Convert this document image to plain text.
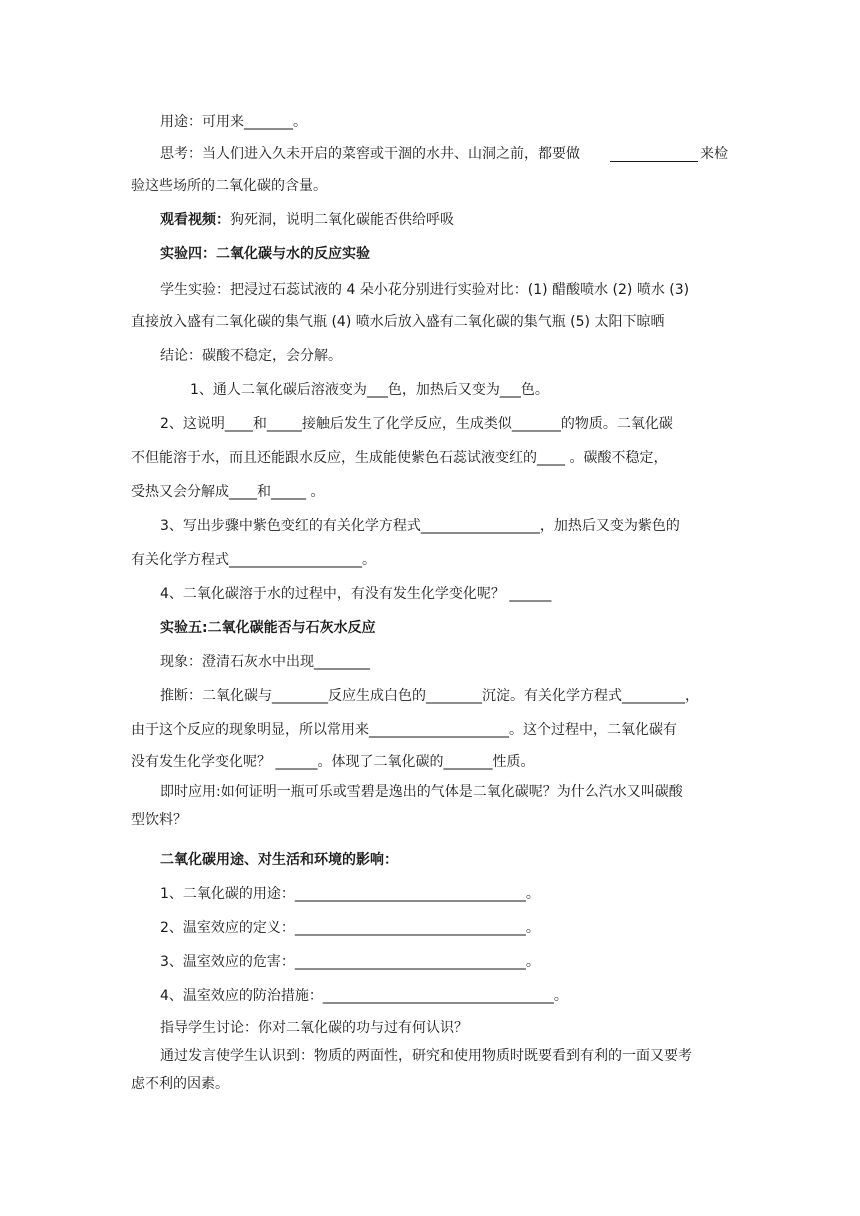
用途：可用来_______。
思考：当人们进入久未开启的菜窖或干涸的水井、山洞之前，都要做	来检
验这些场所的二氧化碳的含量。
观看视频： 狗死洞，说明二氧化碳能否供给呼吸
实验四：二氧化碳与水的反应实验
学生实验：把浸过石蕊试液的 4 朵小花分别进行实验对比：(1) 醋酸喷水 (2) 喷水 (3)
直接放入盛有二氧化碳的集气瓶 (4) 喷水后放入盛有二氧化碳的集气瓶 (5) 太阳下晾晒
结论：碳酸不稳定，会分解。
1、通人二氧化碳后溶液变为___色，加热后又变为___色。
2、这说明____和_____接触后发生了化学反应，生成类似_______的物质。二氧化碳
不但能溶于水，而且还能跟水反应，生成能使紫色石蕊试液变红的____ 。碳酸不稳定，
受热又会分解成____和_____ 。
3、写出步骤中紫色变红的有关化学方程式_________________，加热后又变为紫色的
有关化学方程式___________________。
4、二氧化碳溶于水的过程中，有没有发生化学变化呢？ ______
实验五:二氧化碳能否与石灰水反应
现象：澄清石灰水中出现________
推断：二氧化碳与________反应生成白色的________沉淀。有关化学方程式_________，
由于这个反应的现象明显，所以常用来____________________。这个过程中，二氧化碳有
没有发生化学变化呢？ ______。体现了二氧化碳的_______性质。
即时应用:如何证明一瓶可乐或雪碧是逸出的气体是二氧化碳呢？为什么汽水又叫碳酸
型饮料？
二氧化碳用途、对生活和环境的影响：
1、二氧化碳的用途：_________________________________。
2、温室效应的定义：_________________________________。
3、温室效应的危害：_________________________________。
4、温室效应的防治措施：_________________________________。
指导学生讨论：你对二氧化碳的功与过有何认识？
通过发言使学生认识到：物质的两面性，研究和使用物质时既要看到有利的一面又要考
虑不利的因素。
